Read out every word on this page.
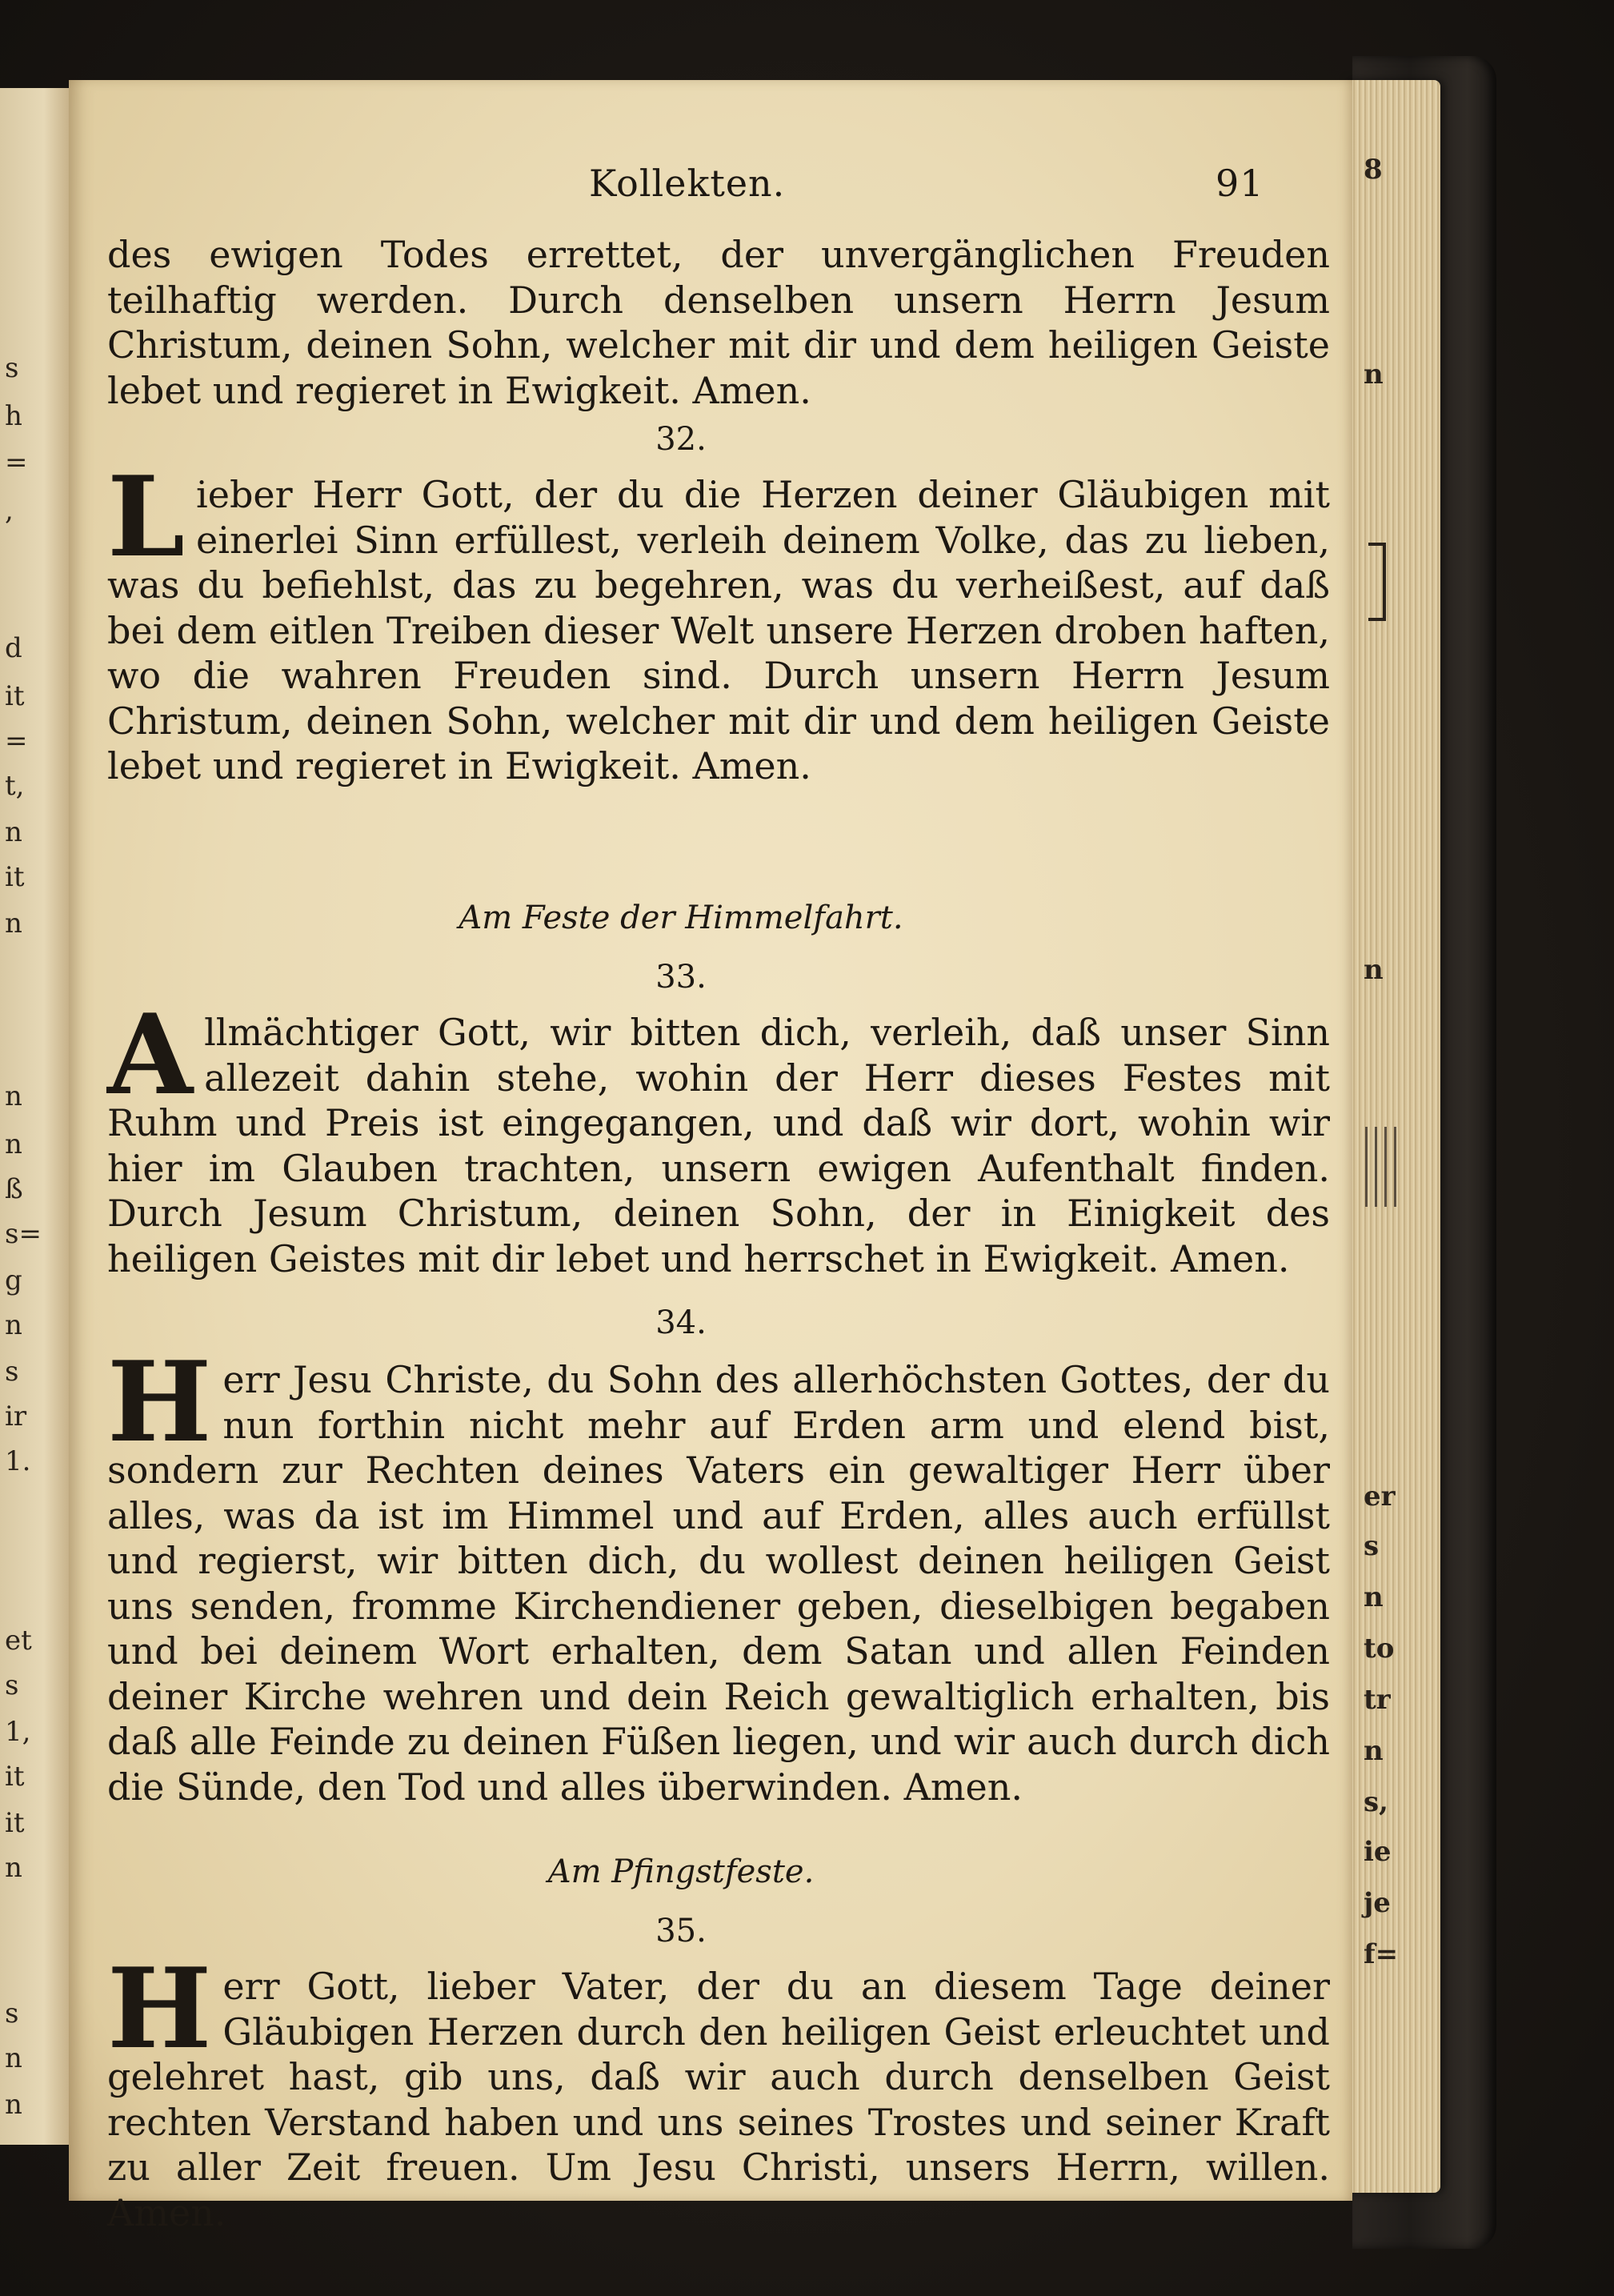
8
n
n
er
s
n
to
tr
n
s,
ie
je
f=
s
h
=
,
d
it
=
t,
n
it
n
n
n
ß
s=
g
n
s
ir
1.
et
s
1,
it
it
n
s
n
n
Kollekten.	91

des ewigen Todes errettet, der unvergänglichen Freuden teilhaftig werden. Durch denselben unsern Herrn Jesum Christum, deinen Sohn, welcher mit dir und dem heiligen Geiste lebet und regieret in Ewigkeit. Amen.

32.

Lieber Herr Gott, der du die Herzen deiner Gläubigen mit einerlei Sinn erfüllest, verleih deinem Volke, das zu lieben, was du befiehlst, das zu begehren, was du verheißest, auf daß bei dem eitlen Treiben dieser Welt unsere Herzen droben haften, wo die wahren Freuden sind. Durch unsern Herrn Jesum Christum, deinen Sohn, welcher mit dir und dem heiligen Geiste lebet und regieret in Ewigkeit. Amen.

Am Feste der Himmelfahrt.
33.

Allmächtiger Gott, wir bitten dich, verleih, daß unser Sinn allezeit dahin stehe, wohin der Herr dieses Festes mit Ruhm und Preis ist eingegangen, und daß wir dort, wohin wir hier im Glauben trachten, unsern ewigen Aufenthalt finden. Durch Jesum Christum, deinen Sohn, der in Einigkeit des heiligen Geistes mit dir lebet und herrschet in Ewigkeit. Amen.

34.

Herr Jesu Christe, du Sohn des allerhöchsten Gottes, der du nun forthin nicht mehr auf Erden arm und elend bist, sondern zur Rechten deines Vaters ein gewaltiger Herr über alles, was da ist im Himmel und auf Erden, alles auch erfüllst und regierst, wir bitten dich, du wollest deinen heiligen Geist uns senden, fromme Kirchendiener geben, dieselbigen begaben und bei deinem Wort erhalten, dem Satan und allen Feinden deiner Kirche wehren und dein Reich gewaltiglich erhalten, bis daß alle Feinde zu deinen Füßen liegen, und wir auch durch dich die Sünde, den Tod und alles überwinden. Amen.

Am Pfingstfeste.
35.

Herr Gott, lieber Vater, der du an diesem Tage deiner Gläubigen Herzen durch den heiligen Geist erleuchtet und gelehret hast, gib uns, daß wir auch durch denselben Geist rechten Verstand haben und uns seines Trostes und seiner Kraft zu aller Zeit freuen. Um Jesu Christi, unsers Herrn, willen. Amen.
